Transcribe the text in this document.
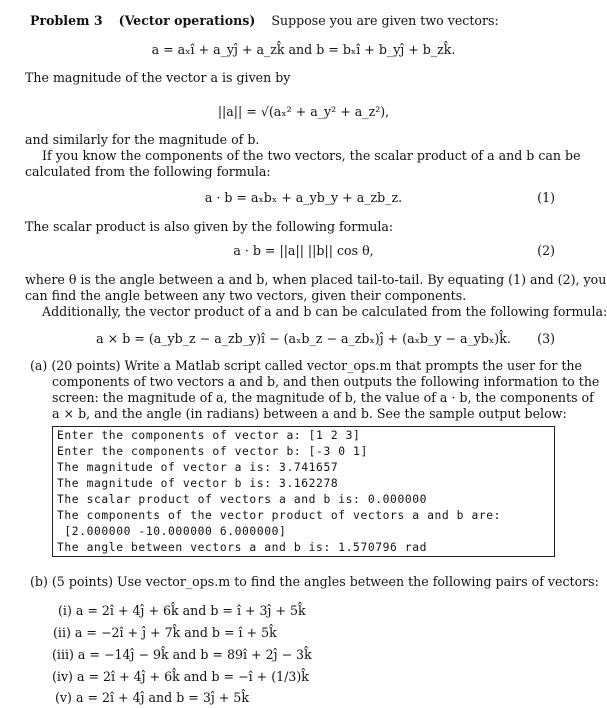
Problem 3 (Vector operations) Suppose you are given two vectors:
a = aₓî + a_yĵ + a_zk̂ and b = bₓî + b_yĵ + b_zk̂.
The magnitude of the vector a is given by
||a|| = √(aₓ² + a_y² + a_z²),
and similarly for the magnitude of b.
If you know the components of the two vectors, the scalar product of a and b can be
calculated from the following formula:
a · b = aₓbₓ + a_yb_y + a_zb_z.	(1)
The scalar product is also given by the following formula:
a · b = ||a|| ||b|| cos θ,	(2)
where θ is the angle between a and b, when placed tail-to-tail. By equating (1) and (2), you
can find the angle between any two vectors, given their components.
Additionally, the vector product of a and b can be calculated from the following formula:
a × b = (a_yb_z − a_zb_y)î − (aₓb_z − a_zbₓ)ĵ + (aₓb_y − a_ybₓ)k̂.	(3)
(a) (20 points) Write a Matlab script called vector_ops.m that prompts the user for the
components of two vectors a and b, and then outputs the following information to the
screen: the magnitude of a, the magnitude of b, the value of a · b, the components of
a × b, and the angle (in radians) between a and b. See the sample output below:
Enter the components of vector a: [1 2 3]
Enter the components of vector b: [-3 0 1]
The magnitude of vector a is: 3.741657
The magnitude of vector b is: 3.162278
The scalar product of vectors a and b is: 0.000000
The components of the vector product of vectors a and b are:
[2.000000 -10.000000 6.000000]
The angle between vectors a and b is: 1.570796 rad
(b) (5 points) Use vector_ops.m to find the angles between the following pairs of vectors:
(i) a = 2î + 4ĵ + 6k̂ and b = î + 3ĵ + 5k̂
(ii) a = −2î + ĵ + 7k̂ and b = î + 5k̂
(iii) a = −14ĵ − 9k̂ and b = 89î + 2ĵ − 3k̂
(iv) a = 2î + 4ĵ + 6k̂ and b = −î + (1/3)k̂
(v) a = 2î + 4ĵ and b = 3ĵ + 5k̂
